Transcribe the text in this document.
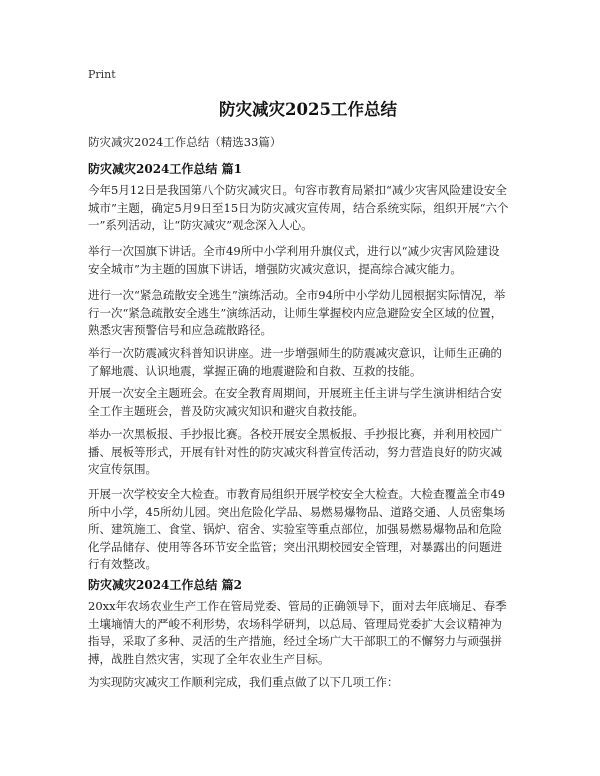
Print
防灾减灾2025工作总结

防灾减灾2024工作总结（精选33篇）

防灾减灾2024工作总结 篇1

今年5月12日是我国第八个防灾减灾日。句容市教育局紧扣“减少灾害风险建设安全
城市”主题，确定5月9日至15日为防灾减灾宣传周，结合系统实际，组织开展“六个
一”系列活动，让“防灾减灾”观念深入人心。

举行一次国旗下讲话。全市49所中小学利用升旗仪式，进行以“减少灾害风险建设
安全城市”为主题的国旗下讲话，增强防灾减灾意识，提高综合减灾能力。

进行一次“紧急疏散安全逃生”演练活动。全市94所中小学幼儿园根据实际情况，举
行一次“紧急疏散安全逃生”演练活动，让师生掌握校内应急避险安全区域的位置，
熟悉灾害预警信号和应急疏散路径。

举行一次防震减灾科普知识讲座。进一步增强师生的防震减灾意识，让师生正确的
了解地震、认识地震，掌握正确的地震避险和自救、互救的技能。

开展一次安全主题班会。在安全教育周期间，开展班主任主讲与学生演讲相结合安
全工作主题班会，普及防灾减灾知识和避灾自救技能。

举办一次黑板报、手抄报比赛。各校开展安全黑板报、手抄报比赛，并利用校园广
播、展板等形式，开展有针对性的防灾减灾科普宣传活动，努力营造良好的防灾减
灾宣传氛围。

开展一次学校安全大检查。市教育局组织开展学校安全大检查。大检查覆盖全市49
所中小学，45所幼儿园。突出危险化学品、易燃易爆物品、道路交通、人员密集场
所、建筑施工、食堂、锅炉、宿舍、实验室等重点部位，加强易燃易爆物品和危险
化学品储存、使用等各环节安全监管；突出汛期校园安全管理，对暴露出的问题进
行有效整改。

防灾减灾2024工作总结 篇2

20xx年农场农业生产工作在管局党委、管局的正确领导下，面对去年底墒足、春季
土壤墒情大的严峻不利形势，农场科学研判，以总局、管理局党委扩大会议精神为
指导，采取了多种、灵活的生产措施，经过全场广大干部职工的不懈努力与顽强拼
搏，战胜自然灾害，实现了全年农业生产目标。

为实现防灾减灾工作顺利完成，我们重点做了以下几项工作：
